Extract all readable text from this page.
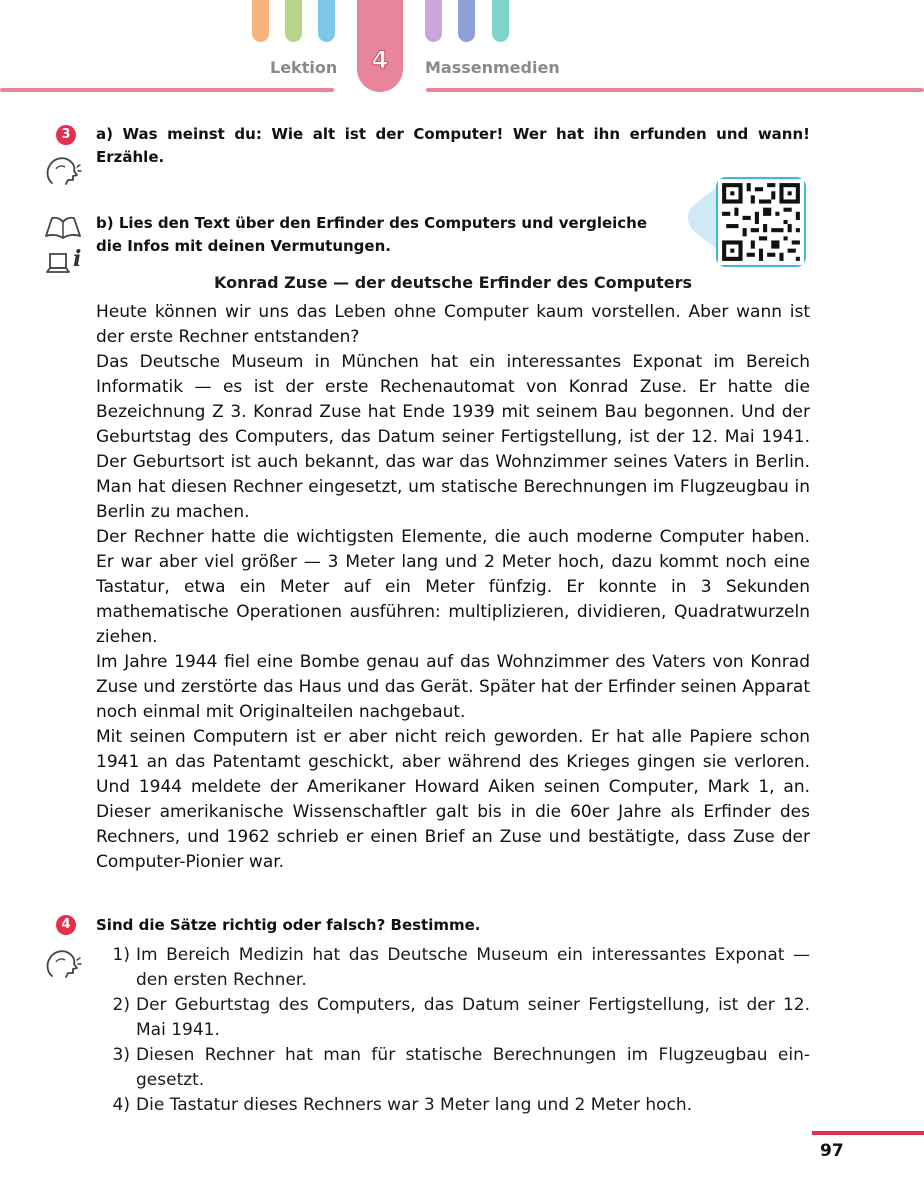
4
Lektion	Massenmedien
3	a) Was meinst du: Wie alt ist der Computer! Wer hat ihn erfunden und wann! Erzähle.
i
b) Lies den Text über den Erfinder des Computers und vergleiche die Infos mit deinen Vermutungen.
Konrad Zuse — der deutsche Erfinder des Computers

Heute können wir uns das Leben ohne Computer kaum vorstellen. Aber wann ist der erste Rechner entstanden?

Das Deutsche Museum in München hat ein interessantes Exponat im Bereich Informatik — es ist der erste Rechenautomat von Konrad Zuse. Er hatte die Bezeichnung Z 3. Konrad Zuse hat Ende 1939 mit seinem Bau begonnen. Und der Geburtstag des Computers, das Datum seiner Fertigstellung, ist der 12. Mai 1941. Der Geburtsort ist auch bekannt, das war das Wohnzimmer seines Vaters in Berlin. Man hat diesen Rechner eingesetzt, um statische Berechnungen im Flugzeugbau in Berlin zu machen.

Der Rechner hatte die wichtigsten Elemente, die auch moderne Computer haben. Er war aber viel größer — 3 Meter lang und 2 Meter hoch, dazu kommt noch eine Tastatur, etwa ein Meter auf ein Meter fünfzig. Er konnte in 3 Sekunden mathematische Operationen ausführen: multiplizieren, dividieren, Quadratwurzeln ziehen.

Im Jahre 1944 fiel eine Bombe genau auf das Wohnzimmer des Vaters von Konrad Zuse und zerstörte das Haus und das Gerät. Später hat der Erfinder seinen Apparat noch einmal mit Originalteilen nachgebaut.

Mit seinen Computern ist er aber nicht reich geworden. Er hat alle Papiere schon 1941 an das Patentamt geschickt, aber während des Krieges gingen sie verloren. Und 1944 meldete der Amerikaner Howard Aiken seinen Computer, Mark 1, an. Dieser amerikanische Wissenschaftler galt bis in die 60er Jahre als Erfinder des Rechners, und 1962 schrieb er einen Brief an Zuse und bestätigte, dass Zuse der Computer-Pionier war.

4	Sind die Sätze richtig oder falsch? Bestimme.
1) Im Bereich Medizin hat das Deutsche Museum ein interessantes Exponat — den ersten Rechner.
2) Der Geburtstag des Computers, das Datum seiner Fertigstellung, ist der 12. Mai 1941.
3) Diesen Rechner hat man für statische Berechnungen im Flugzeugbau eingesetzt.
4) Die Tastatur dieses Rechners war 3 Meter lang und 2 Meter hoch.
97
